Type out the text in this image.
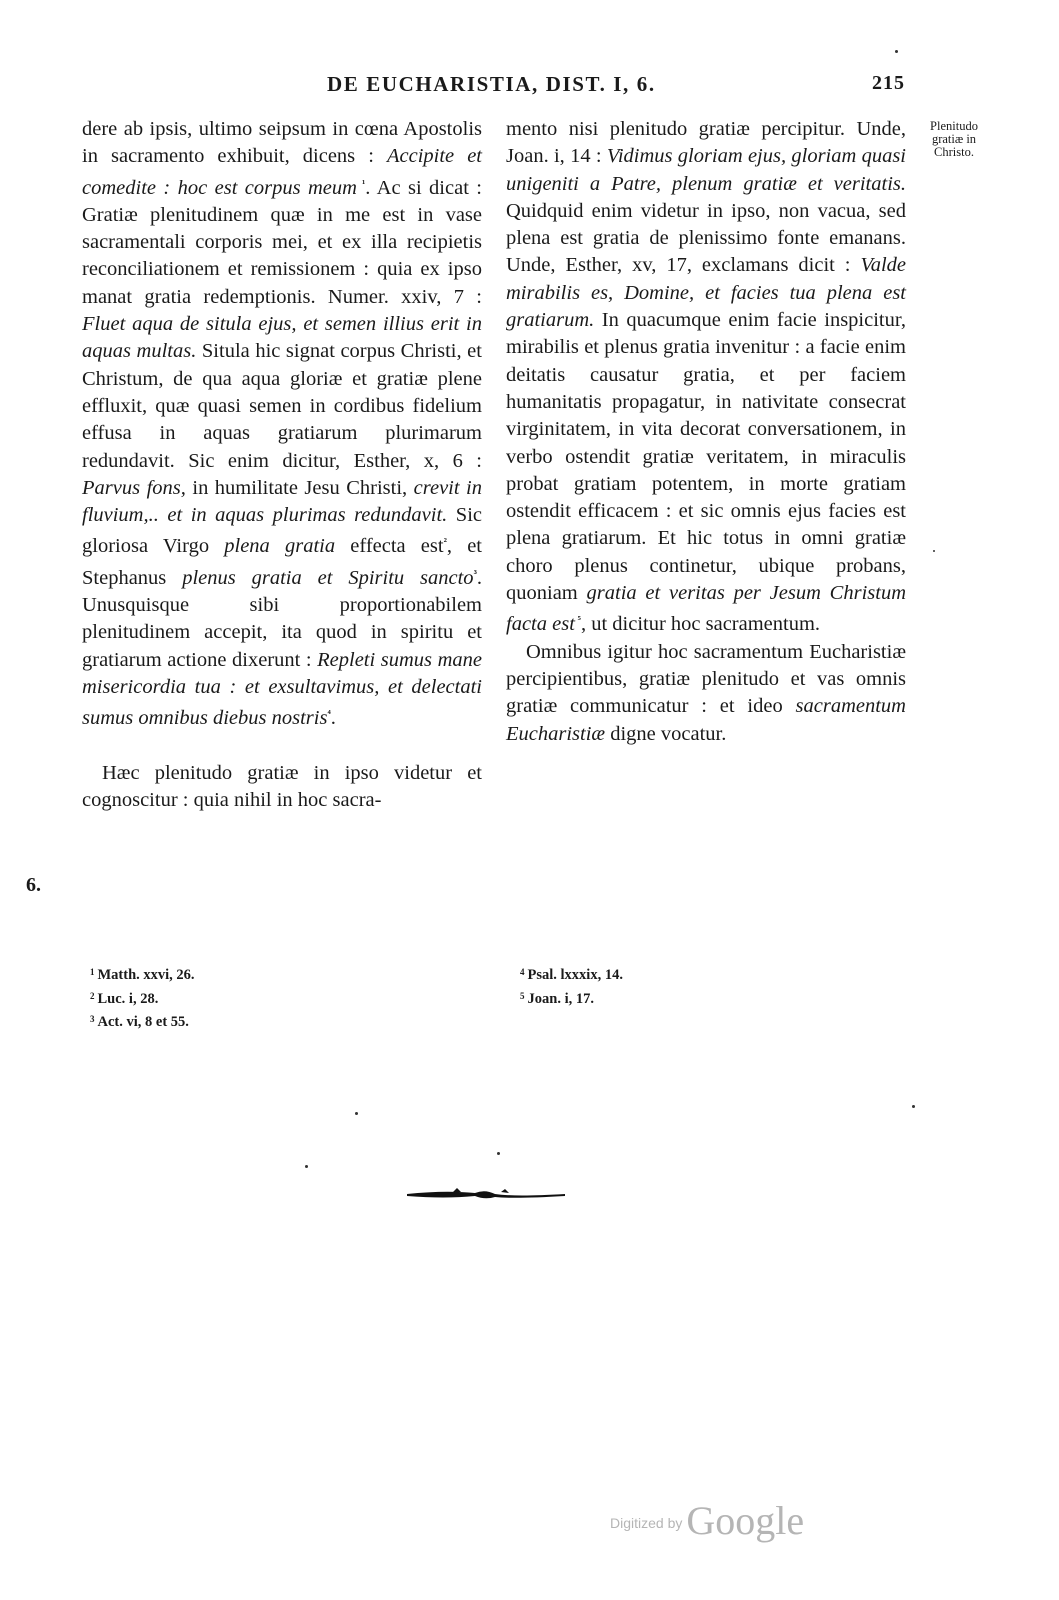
DE EUCHARISTIA, DIST. I, 6.	215
Plenitudo
gratiæ in
Christo.
6.

dere ab ipsis, ultimo seipsum in cœna Apostolis in sacramento exhibuit, dicens : Accipite et comedite : hoc est corpus meum $^{^1}$. Ac si dicat : Gratiæ plenitudinem quæ in me est in vase sacramentali corporis mei, et ex illa recipietis reconciliationem et remissionem : quia ex ipso manat gratia redemptionis. Numer. xxiv, 7 : Fluet aqua de situla ejus, et semen illius erit in aquas multas. Situla hic signat corpus Christi, et Christum, de qua aqua gloriæ et gratiæ plene effluxit, quæ quasi semen in cordibus fidelium effusa in aquas gratiarum plurimarum redundavit. Sic enim dicitur, Esther, x, 6 : Parvus fons, in humilitate Jesu Christi, crevit in fluvium,.. et in aquas plurimas redundavit. Sic gloriosa Virgo plena gratia effecta est$^{^2}$, et Stephanus plenus gratia et Spiritu sancto$^{^3}$. Unusquisque sibi proportionabilem plenitudinem accepit, ita quod in spiritu et gratiarum actione dixerunt : Repleti sumus mane misericordia tua : et exsultavimus, et delectati sumus omnibus diebus nostris$^{^4}$.

Hæc plenitudo gratiæ in ipso videtur et cognoscitur : quia nihil in hoc sacra-

mento nisi plenitudo gratiæ percipitur. Unde, Joan. i, 14 : Vidimus gloriam ejus, gloriam quasi unigeniti a Patre, plenum gratiæ et veritatis. Quidquid enim videtur in ipso, non vacua, sed plena est gratia de plenissimo fonte emanans. Unde, Esther, xv, 17, exclamans dicit : Valde mirabilis es, Domine, et facies tua plena est gratiarum. In quacumque enim facie inspicitur, mirabilis et plenus gratia invenitur : a facie enim deitatis causatur gratia, et per faciem humanitatis propagatur, in nativitate consecrat virginitatem, in vita decorat conversationem, in verbo ostendit gratiæ veritatem, in miraculis probat gratiam potentem, in morte gratiam ostendit efficacem : et sic omnis ejus facies est plena gratiarum. Et hic totus in omni gratiæ choro plenus continetur, ubique probans, quoniam gratia et veritas per Jesum Christum facta est $^{^5}$, ut dicitur hoc sacramentum.

Omnibus igitur hoc sacramentum Eucharistiæ percipientibus, gratiæ plenitudo et vas omnis gratiæ communicatur : et ideo sacramentum Eucharistiæ digne vocatur.

$^1$ Matth. xxvi, 26.
$^2$ Luc. i, 28.
$^3$ Act. vi, 8 et 55.
$^4$ Psal. lxxxix, 14.
$^5$ Joan. i, 17.
Digitized by Google
